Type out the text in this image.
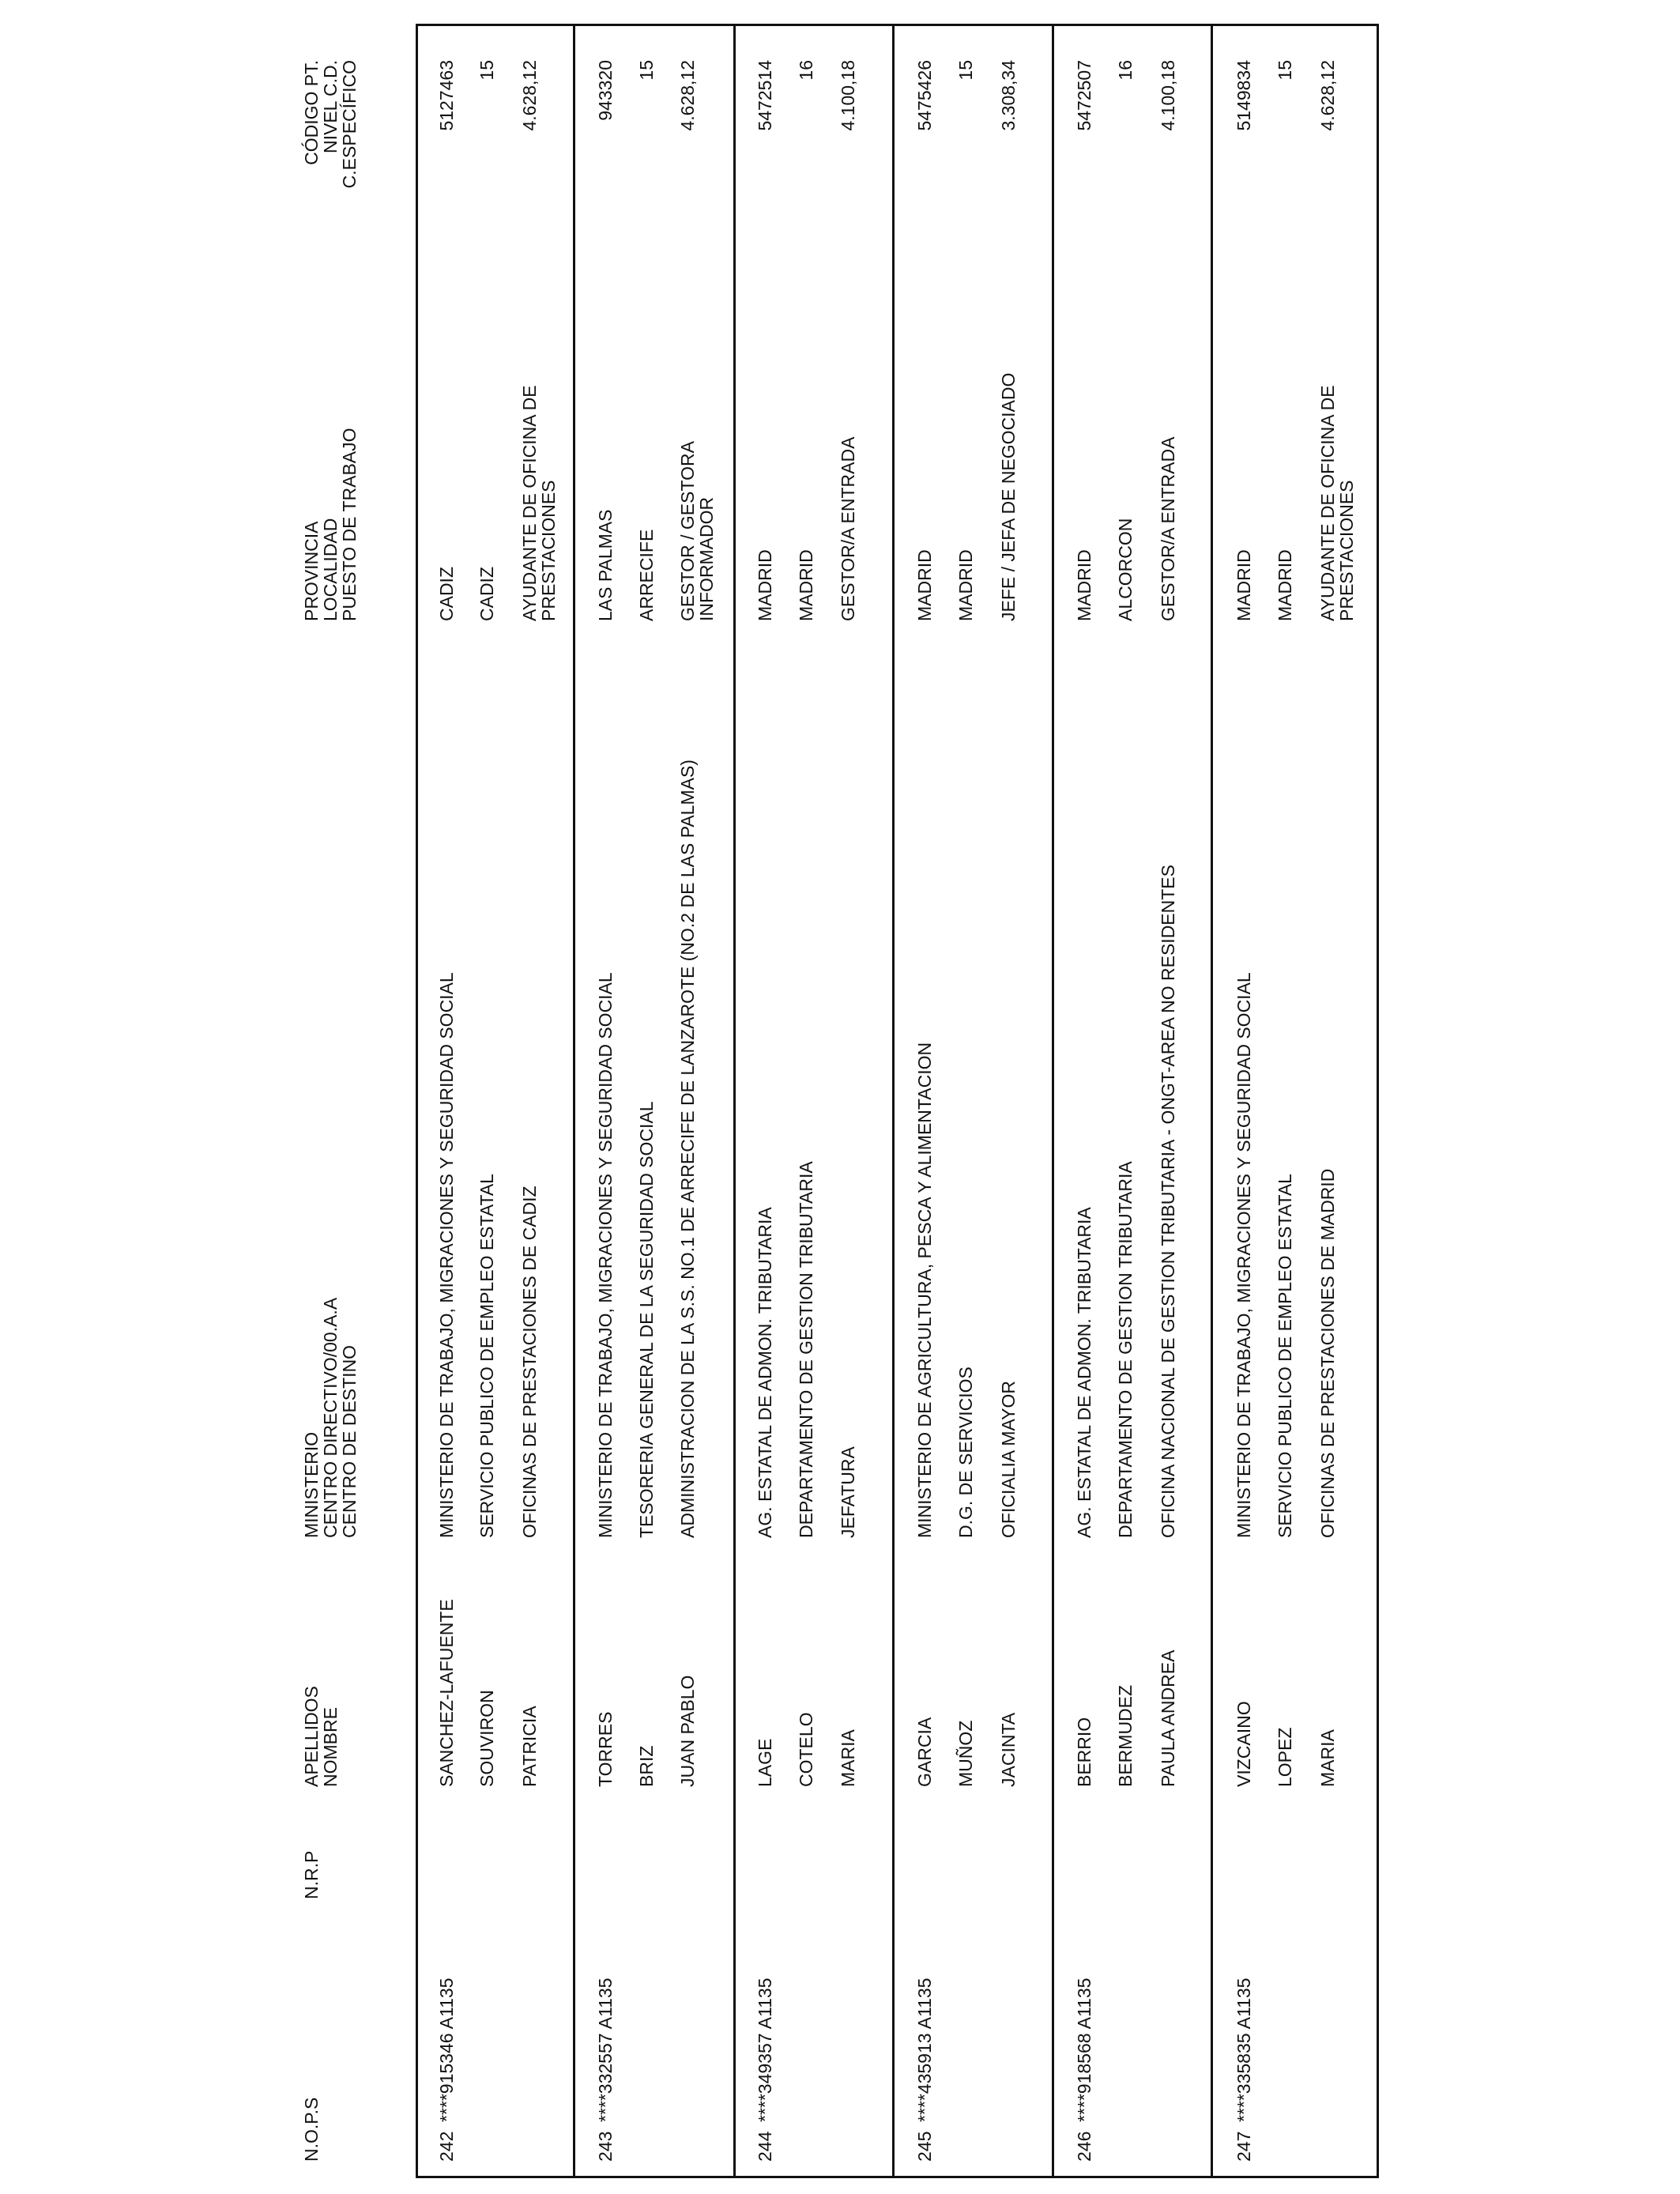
N.O.P.S
N.R.P
APELLIDOS
NOMBRE
MINISTERIO
CENTRO DIRECTIVO/00.A.A
CENTRO DE DESTINO
PROVINCIA
LOCALIDAD
PUESTO DE TRABAJO
CÓDIGO PT.
NIVEL C.D.
C.ESPECÍFICO
242
****915346 A1135
SANCHEZ-LAFUENTE SOUVIRON PATRICIA
MINISTERIO DE TRABAJO, MIGRACIONES Y SEGURIDAD SOCIAL SERVICIO PUBLICO DE EMPLEO ESTATAL OFICINAS DE PRESTACIONES DE CADIZ
CADIZ CADIZ AYUDANTE DE OFICINA DE PRESTACIONES
5127463 15 4.628,12
243
****332557 A1135
TORRES BRIZ JUAN PABLO
MINISTERIO DE TRABAJO, MIGRACIONES Y SEGURIDAD SOCIAL TESORERIA GENERAL DE LA SEGURIDAD SOCIAL ADMINISTRACION DE LA S.S. NO.1 DE ARRECIFE DE LANZAROTE (NO.2 DE LAS PALMAS)
LAS PALMAS ARRECIFE GESTOR / GESTORA INFORMADOR
943320 15 4.628,12
244
****349357 A1135
LAGE COTELO MARIA
AG. ESTATAL DE ADMON. TRIBUTARIA DEPARTAMENTO DE GESTION TRIBUTARIA JEFATURA
MADRID MADRID GESTOR/A ENTRADA
5472514 16 4.100,18
245
****435913 A1135
GARCIA MUÑOZ JACINTA
MINISTERIO DE AGRICULTURA, PESCA Y ALIMENTACION D.G. DE SERVICIOS OFICIALIA MAYOR
MADRID MADRID JEFE / JEFA DE NEGOCIADO
5475426 15 3.308,34
246
****918568 A1135
BERRIO BERMUDEZ PAULA ANDREA
AG. ESTATAL DE ADMON. TRIBUTARIA DEPARTAMENTO DE GESTION TRIBUTARIA OFICINA NACIONAL DE GESTION TRIBUTARIA - ONGT-AREA NO RESIDENTES
MADRID ALCORCON GESTOR/A ENTRADA
5472507 16 4.100,18
247
****335835 A1135
VIZCAINO LOPEZ MARIA
MINISTERIO DE TRABAJO, MIGRACIONES Y SEGURIDAD SOCIAL SERVICIO PUBLICO DE EMPLEO ESTATAL OFICINAS DE PRESTACIONES DE MADRID
MADRID MADRID AYUDANTE DE OFICINA DE PRESTACIONES
5149834 15 4.628,12
